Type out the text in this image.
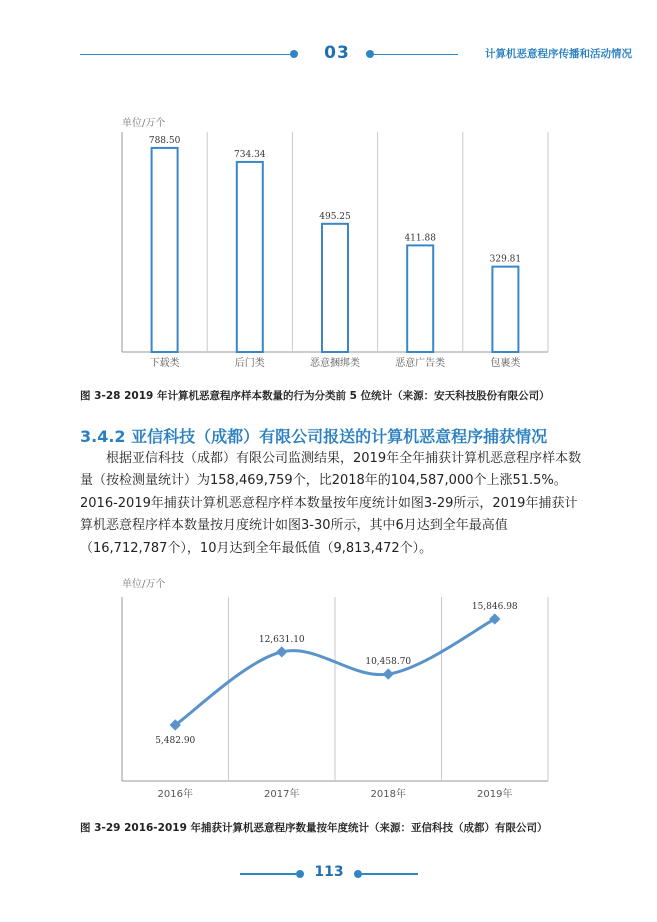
03	计算机恶意程序传播和活动情况
单位/万个
788.50
下载类
734.34
后门类
495.25
恶意捆绑类
411.88
恶意广告类
329.81
包裹类
图 3-28 2019 年计算机恶意程序样本数量的行为分类前 5 位统计（来源：安天科技股份有限公司）
3.4.2 亚信科技（成都）有限公司报送的计算机恶意程序捕获情况

根据亚信科技（成都）有限公司监测结果，2019年全年捕获计算机恶意程序样本数量（按检测量统计）为158,469,759个，比2018年的104,587,000个上涨51.5%。2016-2019年捕获计算机恶意程序样本数量按年度统计如图3-29所示，2019年捕获计算机恶意程序样本数量按月度统计如图3-30所示，其中6月达到全年最高值（16,712,787个），10月达到全年最低值（9,813,472个）。

单位/万个
5,482.90
2016年
12,631.10
2017年
10,458.70
2018年
15,846.98
2019年
图 3-29 2016-2019 年捕获计算机恶意程序数量按年度统计（来源：亚信科技（成都）有限公司）
113
